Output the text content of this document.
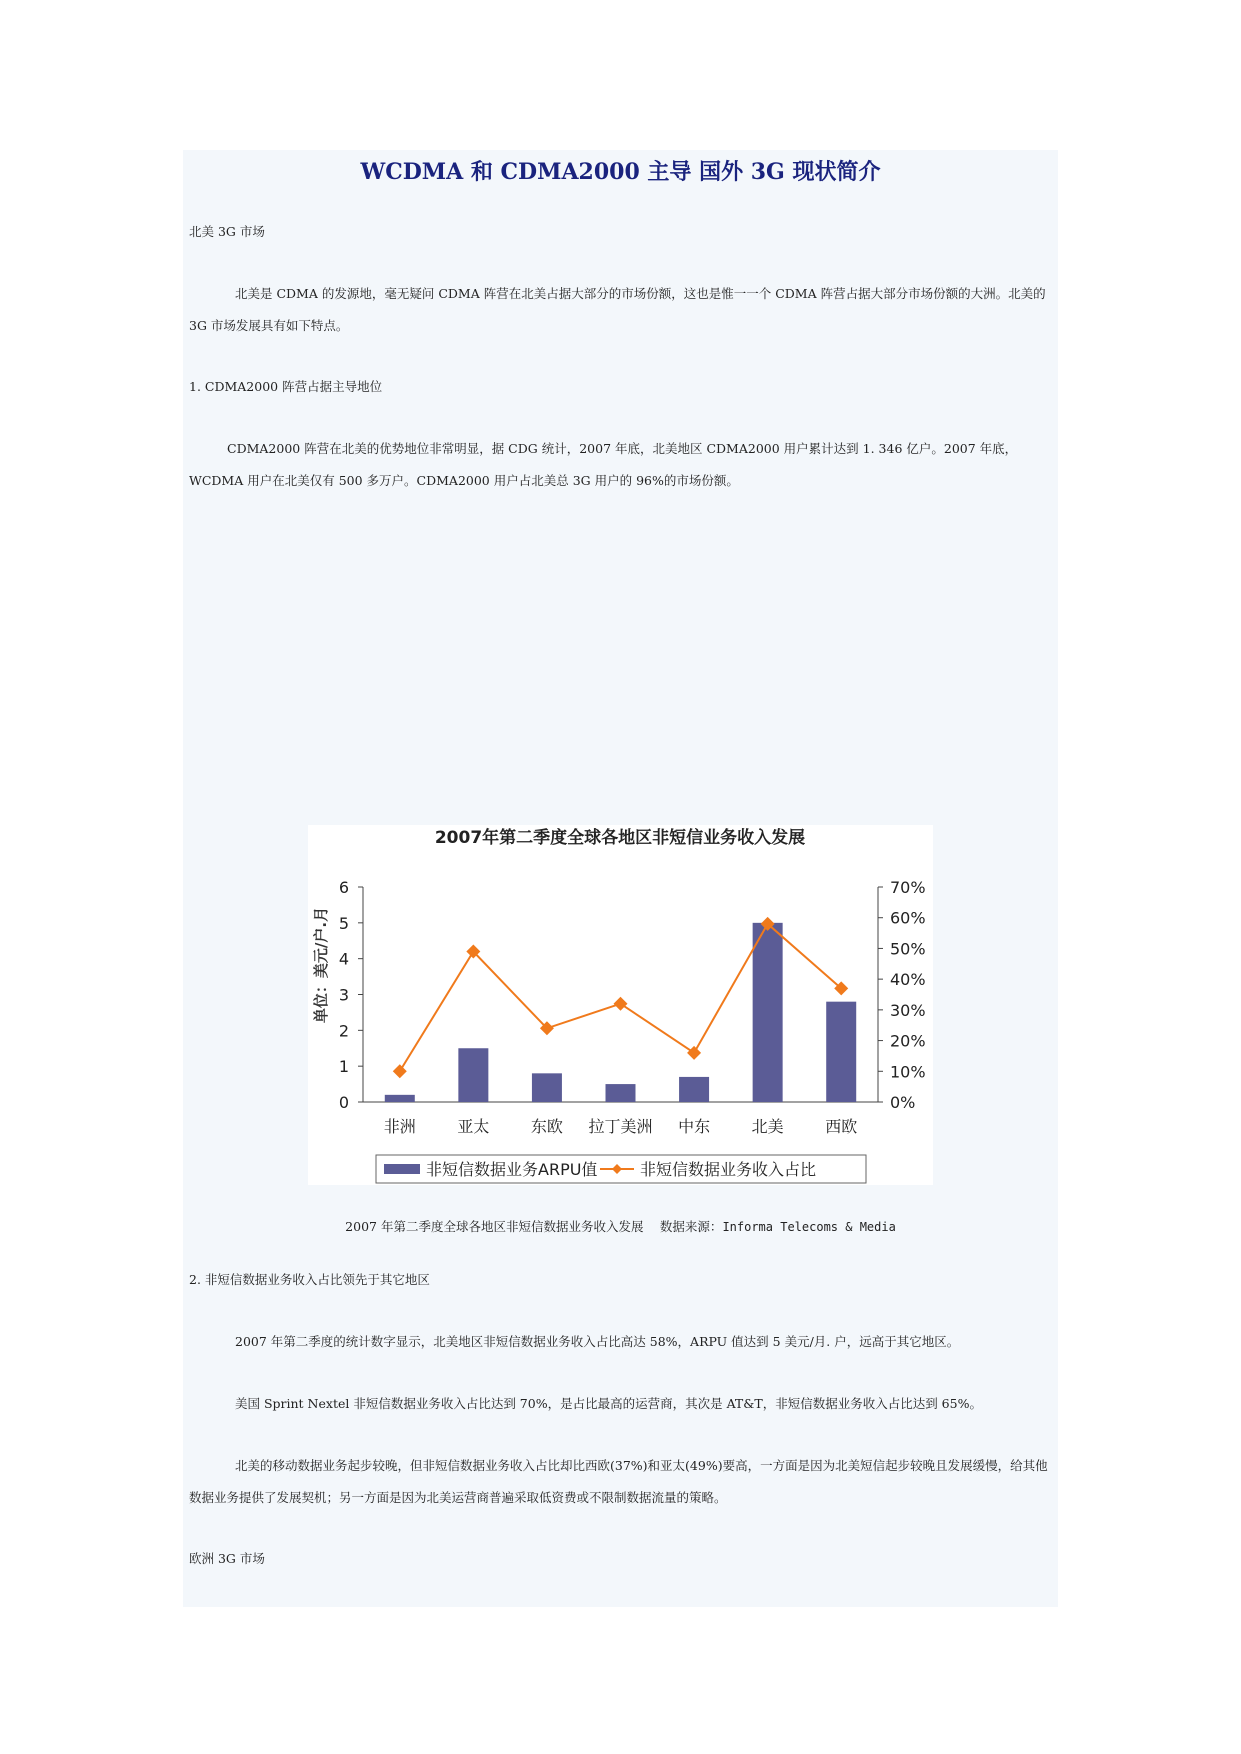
WCDMA 和 CDMA2000 主导 国外 3G 现状简介

北美 3G 市场

北美是 CDMA 的发源地，毫无疑问 CDMA 阵营在北美占据大部分的市场份额，这也是惟一一个 CDMA 阵营占据大部分市场份额的大洲。北美的 3G 市场发展具有如下特点。

1. CDMA2000 阵营占据主导地位

CDMA2000 阵营在北美的优势地位非常明显，据 CDG 统计，2007 年底，北美地区 CDMA2000 用户累计达到 1. 346 亿户。2007 年底，WCDMA 用户在北美仅有 500 多万户。CDMA2000 用户占北美总 3G 用户的 96%的市场份额。

2007年第二季度全球各地区非短信业务收入发展
单位：美元/户.月
0
1
2
3
4
5
6
0%
10%
20%
30%
40%
50%
60%
70%
非洲	亚太	东欧 拉丁美洲 中东	北美	西欧
非短信数据业务ARPU值	非短信数据业务收入占比

2007 年第二季度全球各地区非短信数据业务收入发展　 数据来源：Informa Telecoms & Media

2. 非短信数据业务收入占比领先于其它地区

2007 年第二季度的统计数字显示，北美地区非短信数据业务收入占比高达 58%，ARPU 值达到 5 美元/月. 户，远高于其它地区。

美国 Sprint Nextel 非短信数据业务收入占比达到 70%，是占比最高的运营商，其次是 AT&T，非短信数据业务收入占比达到 65%。

北美的移动数据业务起步较晚，但非短信数据业务收入占比却比西欧(37%)和亚太(49%)要高，一方面是因为北美短信起步较晚且发展缓慢，给其他数据业务提供了发展契机；另一方面是因为北美运营商普遍采取低资费或不限制数据流量的策略。

欧洲 3G 市场
